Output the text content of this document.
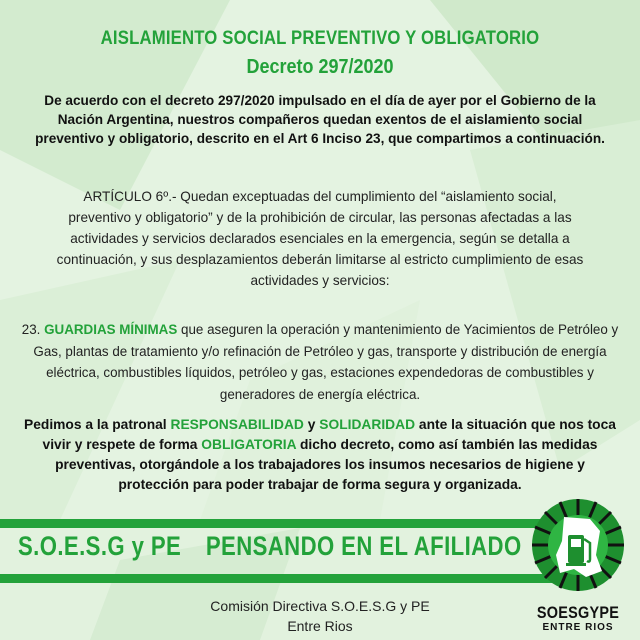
AISLAMIENTO SOCIAL PREVENTIVO Y OBLIGATORIO
Decreto 297/2020
De acuerdo con el decreto 297/2020 impulsado en el día de ayer por el Gobierno de la Nación Argentina, nuestros compañeros quedan exentos de el aislamiento social preventivo y obligatorio, descrito en el Art 6 Inciso 23, que compartimos a continuación.
ARTÍCULO 6º.- Quedan exceptuadas del cumplimiento del “aislamiento social, preventivo y obligatorio” y de la prohibición de circular, las personas afectadas a las actividades y servicios declarados esenciales en la emergencia, según se detalla a continuación, y sus desplazamientos deberán limitarse al estricto cumplimiento de esas actividades y servicios:
23. GUARDIAS MÍNIMAS que aseguren la operación y mantenimiento de Yacimientos de Petróleo y Gas, plantas de tratamiento y/o refinación de Petróleo y gas, transporte y distribución de energía eléctrica, combustibles líquidos, petróleo y gas, estaciones expendedoras de combustibles y generadores de energía eléctrica.
Pedimos a la patronal RESPONSABILIDAD y SOLIDARIDAD ante la situación que nos toca vivir y respete de forma OBLIGATORIA dicho decreto, como así también las medidas preventivas, otorgándole a los trabajadores los insumos necesarios de higiene y protección para poder trabajar de forma segura y organizada.
S.O.E.S.G y PE PENSANDO EN EL AFILIADO
Comisión Directiva S.O.E.S.G y PE
Entre Rios
SOESGYPE
ENTRE RIOS
